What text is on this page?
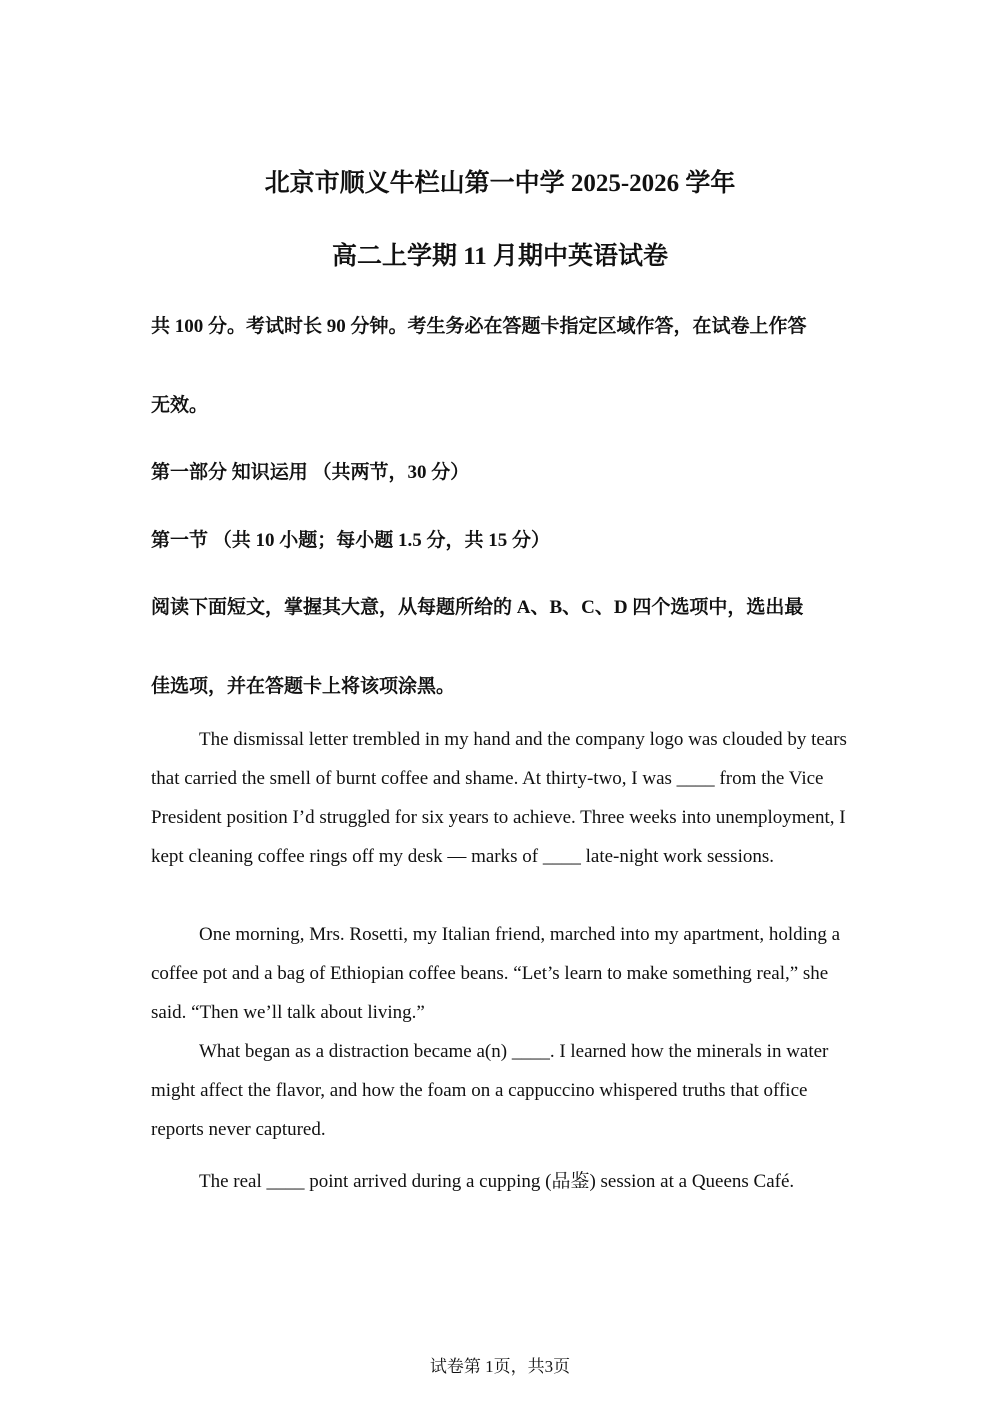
北京市顺义牛栏山第一中学 2025-2026 学年
高二上学期 11 月期中英语试卷
共 100 分。考试时长 90 分钟。考生务必在答题卡指定区域作答，在试卷上作答
无效。
第一部分 知识运用 （共两节，30 分）
第一节 （共 10 小题；每小题 1.5 分，共 15 分）
阅读下面短文，掌握其大意，从每题所给的 A、B、C、D 四个选项中，选出最
佳选项，并在答题卡上将该项涂黑。

The dismissal letter trembled in my hand and the company logo was clouded by tears that carried the smell of burnt coffee and shame. At thirty-two, I was ____ from the Vice President position I’d struggled for six years to achieve. Three weeks into unemployment, I kept cleaning coffee rings off my desk — marks of ____ late-night work sessions.

One morning, Mrs. Rosetti, my Italian friend, marched into my apartment, holding a coffee pot and a bag of Ethiopian coffee beans. “Let’s learn to make something real,” she said. “Then we’ll talk about living.”

What began as a distraction became a(n) ____. I learned how the minerals in water might affect the flavor, and how the foam on a cappuccino whispered truths that office reports never captured.

The real ____ point arrived during a cupping (品鉴) session at a Queens Café.

试卷第 1页，共3页
